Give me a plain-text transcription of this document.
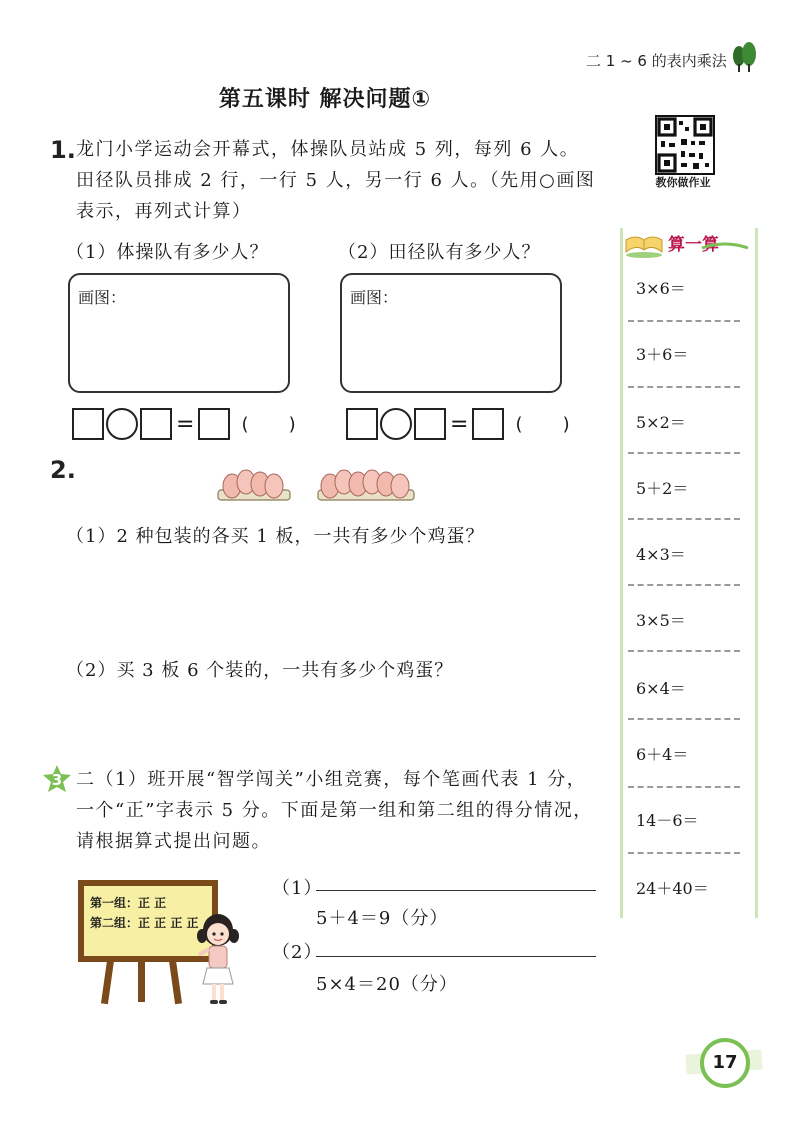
二 1 ~ 6 的表内乘法
第五课时 解决问题①
教你做作业
1. 龙门小学运动会开幕式，体操队员站成 5 列，每列 6 人。
田径队员排成 2 行，一行 5 人，另一行 6 人。（先用○画图
表示，再列式计算）
（1）体操队有多少人？	（2）田径队有多少人？
画图：	画图：
=	( )	=	( )
2.
（1）2 种包装的各买 1 板，一共有多少个鸡蛋？
（2）买 3 板 6 个装的，一共有多少个鸡蛋？
3 二（1）班开展“智学闯关”小组竞赛，每个笔画代表 1 分，
一个“正”字表示 5 分。下面是第一组和第二组的得分情况，
请根据算式提出问题。
第一组：正 正
第二组：正 正 正 正
（1）
5＋4＝9（分）
（2）
5×4＝20（分）
算一算
3×6＝
3＋6＝
5×2＝
5＋2＝
4×3＝
3×5＝
6×4＝
6＋4＝
14－6＝
24＋40＝
17
